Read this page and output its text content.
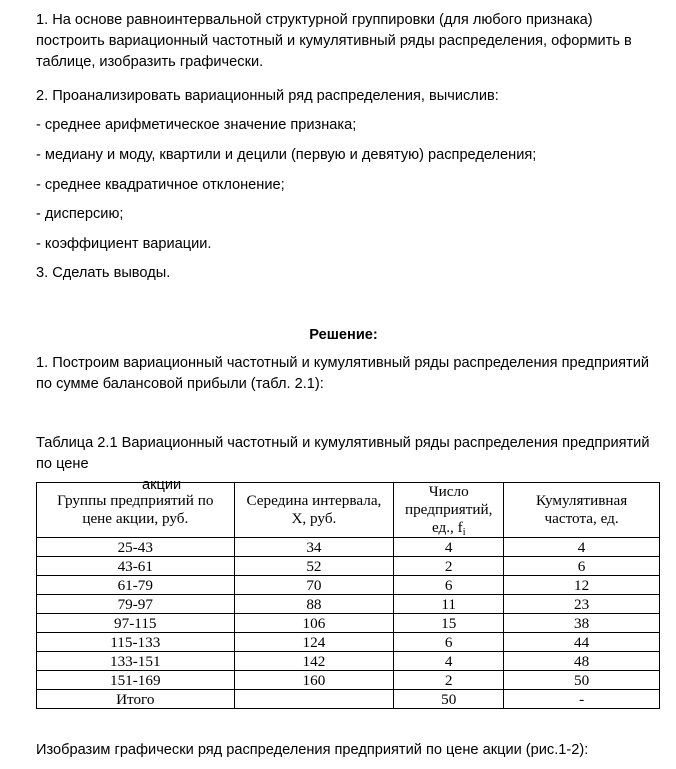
1. На основе равноинтервальной структурной группировки (для любого признака) построить вариационный частотный и кумулятивный ряды распределения, оформить в таблице, изобразить графически.

2. Проанализировать вариационный ряд распределения, вычислив:

- среднее арифметическое значение признака;

- медиану и моду, квартили и децили (первую и девятую) распределения;

- среднее квадратичное отклонение;

- дисперсию;

- коэффициент вариации.

3. Сделать выводы.

Решение:

1. Построим вариационный частотный и кумулятивный ряды распределения предприятий по сумме балансовой прибыли (табл. 2.1):

Таблица 2.1 Вариационный частотный и кумулятивный ряды распределения предприятий по цене
акции
Группы предприятий по цене акции, руб.	Середина интервала, Х, руб.	Число предприятий, ед., $f_i$	Кумулятивная частота, ед.
25-43	34	4	4
43-61	52	2	6
61-79	70	6	12
79-97	88	11	23
97-115	106	15	38
115-133	124	6	44
133-151	142	4	48
151-169	160	2	50
Итого		50	-

Изобразим графически ряд распределения предприятий по цене акции (рис.1-2):
